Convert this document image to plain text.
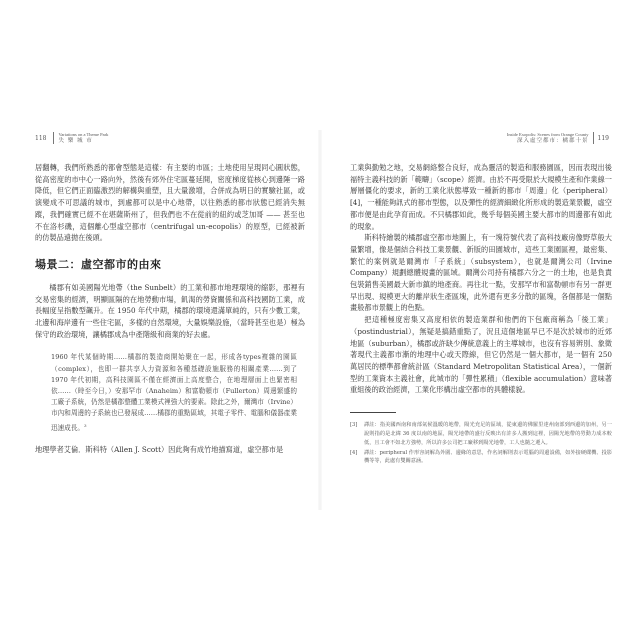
118	Variations on a Theme Park
失 樂 城 市

居翻轉，我們所熟悉的都會型態是這樣：有主要的市區；土地使用呈現同心圓狀態，從高密度的市中心一路向外，然後有郊外住宅區蔓延開，密度梯度從核心到邊陲一路降低，但它們正面臨激烈的解構與重塑，且大量激增，合併成為明日的實驗社區，或演變成不可思議的城市，到處都可以是中心地帶，以往熟悉的都市狀態已經消失無蹤，我們確實已經不在堪薩斯州了，但我們也不在從前的紐約或芝加哥 —— 甚至也不在洛杉磯，這個離心型虛空都市（centrifugal un-ecopolis）的原型，已經被新的仿製品遠拋在後頭。

場景二：虛空都市的由來

橘郡有如美國陽光地帶（the Sunbelt）的工業和都市地理環境的縮影，那裡有交易密集的經濟，明顯區隔的在地勞動市場，飢渴的勞資關係和高科技國防工業，成長幅度呈指數型飆升。在 1950 年代中期，橘郡的環境還滿單純的，只有少數工業，北邊和海岸邊有一些住宅區，多樣的自然環境，大量娛樂設施，（當時甚至也是）極為保守的政治環境，讓橘郡成為中產階級和商業的好去處。

1960 年代某個時期……橘郡的製造商開始聚在一起，形成各types複雜的園區（complex），也即一群共享人力資源和各種基礎設施服務的相關產業……到了 1970 年代初期，高科技園區不僅在經濟面上高度整合，在地理層面上也緊密相依……（時至今日，）安那罕市（Anaheim）和富勒頓市（Fullerton）周邊繁盛的工廠子系統，仍然是橘郡整體工業模式裡強大的要素。除此之外，爾灣市（Irvine）市內和周邊的子系統也已發展成……橘郡的重點區域，其電子零件、電腦和儀器產業迅速成長。$^3$

地理學者艾倫．斯科特（Allen J. Scott）因此夠有成竹地描寫道，虛空都市是

Inside Exopolis: Scenes from Orange County
深入虛空都市：橘郡十景 119

工業與勤勉之地，交易網絡整合良好，成為靈活的製造和服務園區，因而表現出後福特主義科技的新「範疇」（scope）經濟。由於不再受限於大規模生產和作業線一層層僵化的要求，新的工業化狀態導致一種新的都市「周邊」化（peripheral）[4]，一種能夠訊式的都市型態，以及彈性的經濟細緻化所形成的製造業景觀，虛空都市便是由此孕育而成。不只橘郡如此，幾乎每個美國主要大都市的周邊都有如此的現象。

斯科特繪製的橘郡虛空都市地圖上，有一塊符號代表了高科技廠房像野草般大量繁增，像是個結合科技工業景觀、新版的田園城市，這些工業園區裡，最密集、繁忙的案例就是爾灣市「子系統」（subsystem），也就是爾灣公司（Irvine Company）規劃總體規畫的區域。爾灣公司持有橘郡六分之一的土地，也是負責包裝銷售美國最大新市鎮的地產商。再往北一點，安那罕市和富勒頓市有另一群更早出現、規模更大的離岸狀生產區塊，此外還有更多分散的區塊，各個都是一個點畫般都市景觀上的色點。

把這種極度密集又高度相依的製造業群和他們的下包廠商稱為「後工業」（postindustrial），無疑是搞錯重點了，況且這個地區早已不是次於城市的近郊地區（suburban），橘郡或許缺少傳統意義上的主導城市，也沒有容易辨別、象徵著現代主義都市漸的地理中心或天際線，但它仍然是一個大都市，是一個有 250 萬居民的標準都會統計區（Standard Metropolitan Statistical Area），一個新型的工業資本主義社會，此城市的「彈性累積」（flexible accumulation）意味著重組後的政治經濟，工業化形構出虛空都市的具體樣貌。

[3]	譯註：指美國西南和南部氣候溫暖的地帶，陽光充足的區域，從東邊的佛羅里達州南部到西邊的加州，另一說則指的是北緯 36 度以南的地區，陽光地帶的盛行反映出有許多人搬到這裡，因陽光地帶的勞動力成本較低，且工會不如北方強勢，所以許多公司把工廠移到陽光地帶，工人也隨之遷入。
[4]	譯註：peripheral 作形容詞解為外圍、邊緣的意思，作名詞解則表示電腦的周邊設備，如外接硬碟機、投影機等等，此處有雙關意涵。
